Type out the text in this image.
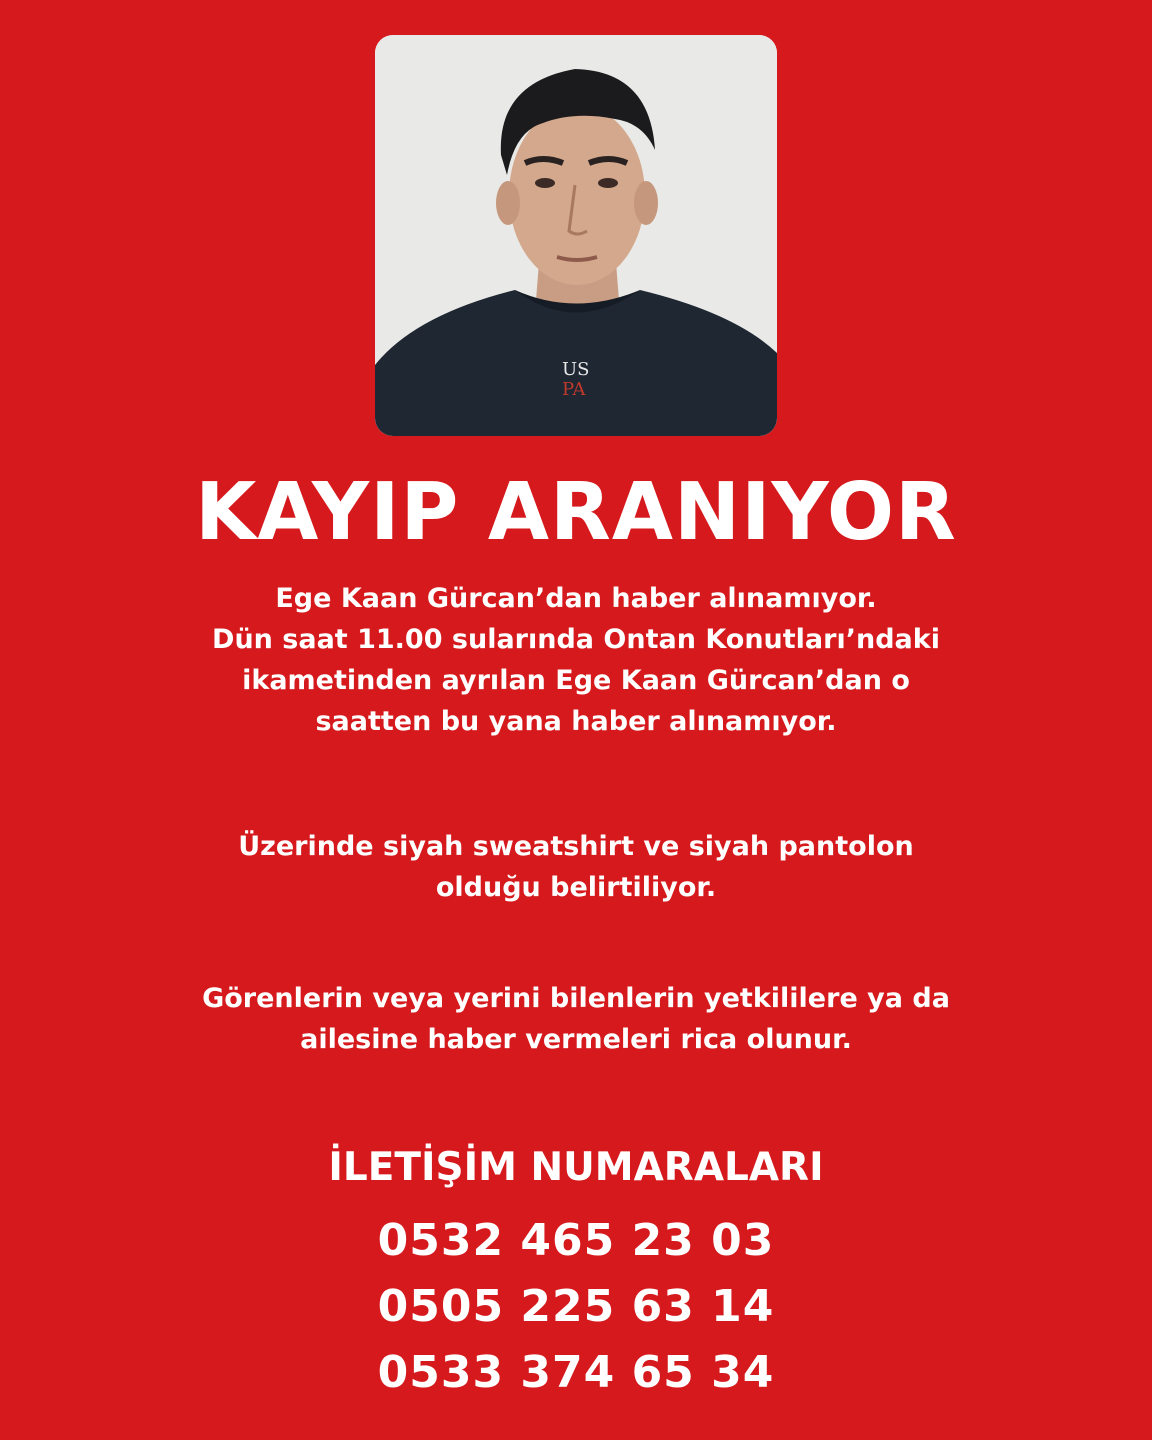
US
PA
KAYIP ARANIYOR
Ege Kaan Gürcan’dan haber alınamıyor.
Dün saat 11.00 sularında Ontan Konutları’ndaki
ikametinden ayrılan Ege Kaan Gürcan’dan o
saatten bu yana haber alınamıyor.
Üzerinde siyah sweatshirt ve siyah pantolon
olduğu belirtiliyor.
Görenlerin veya yerini bilenlerin yetkililere ya da
ailesine haber vermeleri rica olunur.
İLETİŞİM NUMARALARI
0532 465 23 03
0505 225 63 14
0533 374 65 34
